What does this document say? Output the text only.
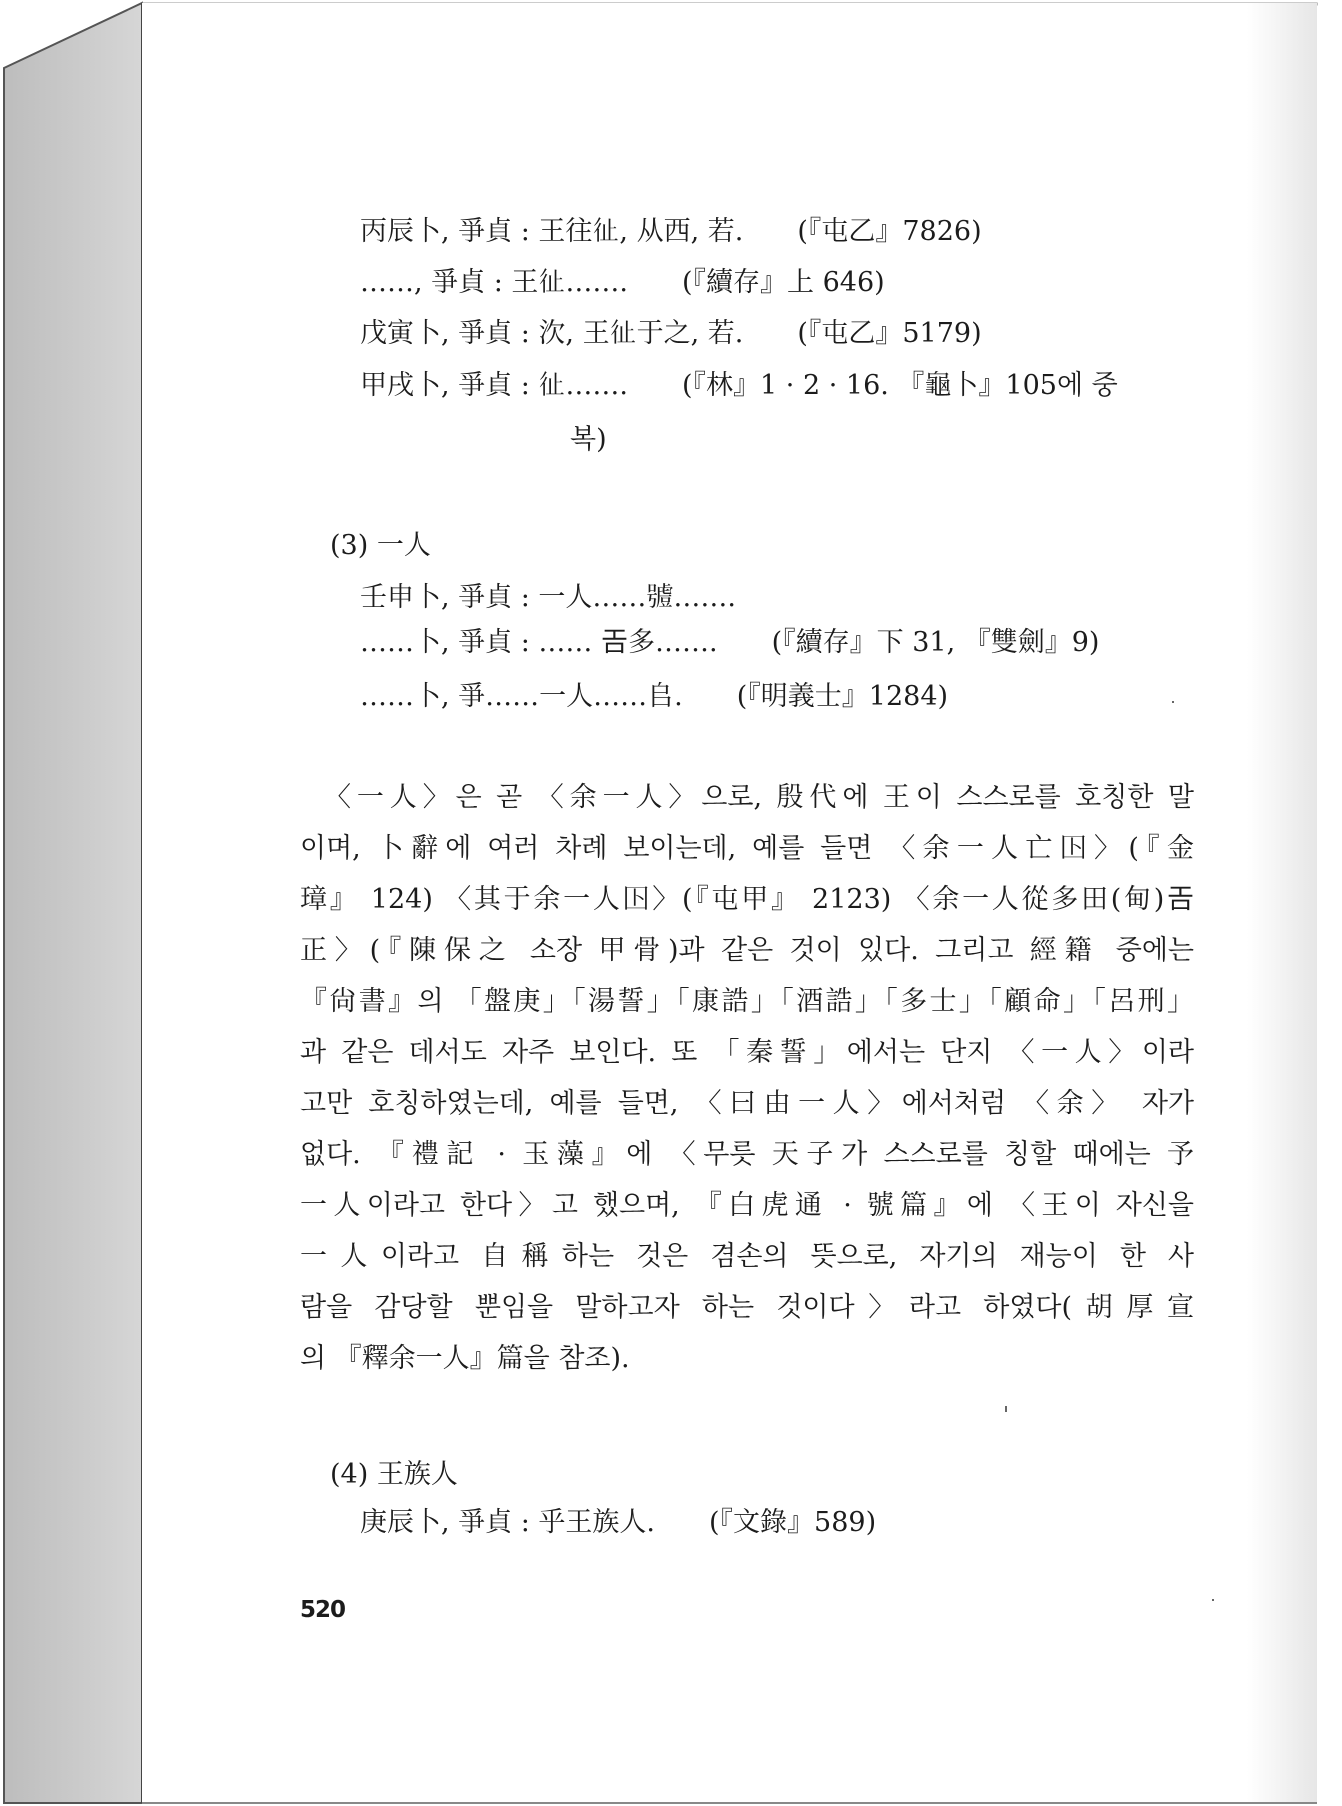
丙辰卜, 爭貞 : 王往𢓊, 从西, 若.　　(『屯乙』7826)
……, 爭貞 : 王𢓊…….　　(『續存』上 646)
戊寅卜, 爭貞 : 㳄, 王𢓊于之, 若.　　(『屯乙』5179)
甲戌卜, 爭貞 : 𢓊…….　　(『林』1 · 2 · 16. 『龜卜』105에 중
복)
(3) 一人
壬申卜, 爭貞 : 一人……𧇼…….
……卜, 爭貞 : …… 𢀛多…….　　(『續存』下 31, 『雙劍』9)
……卜, 爭……一人……𠂤.　　(『明義士』1284)
〈一人〉은 곧 〈余一人〉으로, 殷代에 王이 스스로를 호칭한 말
이며, 卜辭에 여러 차례 보이는데, 예를 들면 〈余一人亡𡆥〉(『金
璋』 124) 〈其于余一人𡆥〉(『屯甲』 2123) 〈余一人從多田(甸)𢀛
正〉(『陳保之 소장 甲骨)과 같은 것이 있다. 그리고 經籍 중에는
『尙書』의 「盤庚」「湯誓」「康誥」「酒誥」「多士」「顧命」「呂刑」
과 같은 데서도 자주 보인다. 또 「秦誓」에서는 단지 〈一人〉이라
고만 호칭하였는데, 예를 들면, 〈曰由一人〉에서처럼 〈余〉 자가
없다. 『禮記 · 玉藻』에 〈무릇 天子가 스스로를 칭할 때에는 予
一人이라고 한다〉고 했으며, 『白虎通 · 號篇』에 〈王이 자신을
一人이라고 自稱하는 것은 겸손의 뜻으로, 자기의 재능이 한 사
람을 감당할 뿐임을 말하고자 하는 것이다〉라고 하였다(胡厚宣
의 『釋余一人』篇을 참조).
(4) 王族人
庚辰卜, 爭貞 : 乎王族人.　　(『文錄』589)
520
